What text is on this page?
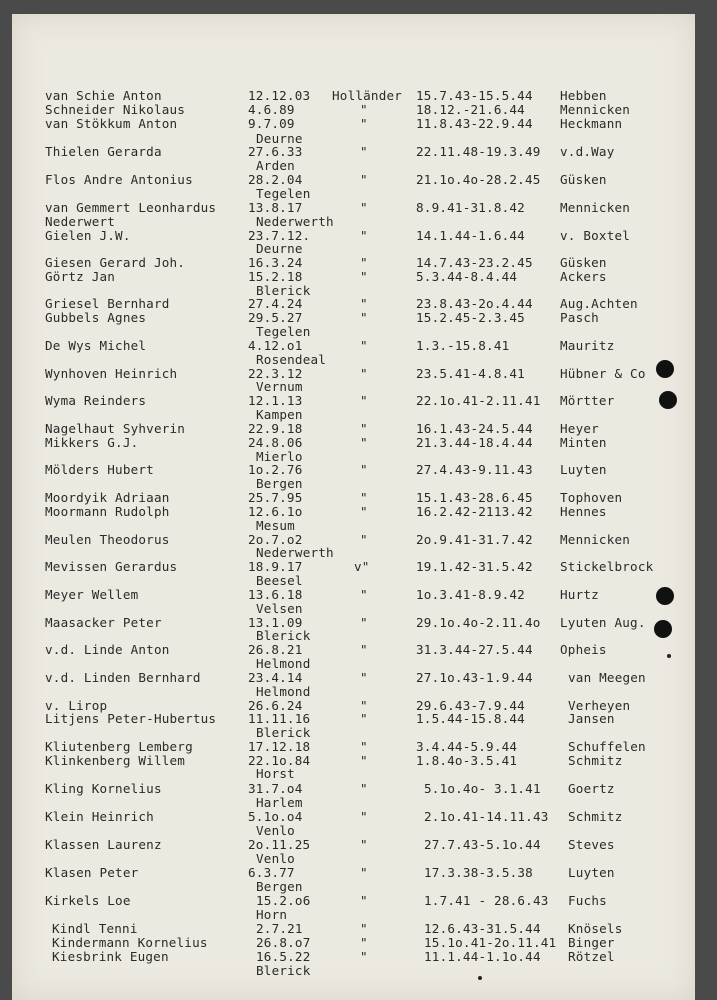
van Schie Anton	12.12.03 Holländer 15.7.43-15.5.44 Hebben
Schneider Nikolaus	4.6.89	"	18.12.-21.6.44	Mennicken
van Stökkum Anton	9.7.09	"	11.8.43-22.9.44 Heckmann
Deurne
Thielen Gerarda	27.6.33	"	22.11.48-19.3.49 v.d.Way
Arden
Flos Andre Antonius	28.2.04	"	21.1o.4o-28.2.45 Güsken
Tegelen
van Gemmert Leonhardus	13.8.17	"	8.9.41-31.8.42	Mennicken
Nederwert	Nederwerth
Gielen J.W.	23.7.12.	"	14.1.44-1.6.44	v. Boxtel
Deurne
Giesen Gerard Joh.	16.3.24	"	14.7.43-23.2.45 Güsken
Görtz Jan	15.2.18	"	5.3.44-8.4.44	Ackers
Blerick
Griesel Bernhard	27.4.24	"	23.8.43-2o.4.44 Aug.Achten
Gubbels Agnes	29.5.27	"	15.2.45-2.3.45	Pasch
Tegelen
De Wys Michel	4.12.o1	"	1.3.-15.8.41	Mauritz
Rosendeal
Wynhoven Heinrich	22.3.12	"	23.5.41-4.8.41	Hübner & Co
Vernum
Wyma Reinders	12.1.13	"	22.1o.41-2.11.41 Mörtter
Kampen
Nagelhaut Syhverin	22.9.18	"	16.1.43-24.5.44 Heyer
Mikkers G.J.	24.8.06	"	21.3.44-18.4.44 Minten
Mierlo
Mölders Hubert	1o.2.76	"	27.4.43-9.11.43 Luyten
Bergen
Moordyik Adriaan	25.7.95	"	15.1.43-28.6.45 Tophoven
Moormann Rudolph	12.6.1o	"	16.2.42-2113.42 Hennes
Mesum
Meulen Theodorus	2o.7.o2	"	2o.9.41-31.7.42 Mennicken
Nederwerth
Mevissen Gerardus	18.9.17	v"	19.1.42-31.5.42 Stickelbrock
Beesel
Meyer Wellem	13.6.18	"	1o.3.41-8.9.42	Hurtz
Velsen
Maasacker Peter	13.1.09	"	29.1o.4o-2.11.4o Lyuten Aug.
Blerick
v.d. Linde Anton	26.8.21	"	31.3.44-27.5.44 Opheis
Helmond
v.d. Linden Bernhard	23.4.14	"	27.1o.43-1.9.44	van Meegen
Helmond
v. Lirop	26.6.24	"	29.6.43-7.9.44	Verheyen
Litjens Peter-Hubertus	11.11.16	"	1.5.44-15.8.44	Jansen
Blerick
Kliutenberg Lemberg	17.12.18	"	3.4.44-5.9.44	Schuffelen
Klinkenberg Willem	22.1o.84	"	1.8.4o-3.5.41	Schmitz
Horst
Kling Kornelius	31.7.o4	"	5.1o.4o- 3.1.41 Goertz
Harlem
Klein Heinrich	5.1o.o4	"	2.1o.41-14.11.43 Schmitz
Venlo
Klassen Laurenz	2o.11.25	"	27.7.43-5.1o.44 Steves
Venlo
Klasen Peter	6.3.77	"	17.3.38-3.5.38	Luyten
Bergen
Kirkels Loe	15.2.o6	"	1.7.41 - 28.6.43 Fuchs
Horn
Kindl Tenni	2.7.21	"	12.6.43-31.5.44 Knösels
Kindermann Kornelius	26.8.o7	"	15.1o.41-2o.11.41 Binger
Kiesbrink Eugen	16.5.22	"	11.1.44-1.1o.44 Rötzel
Blerick
